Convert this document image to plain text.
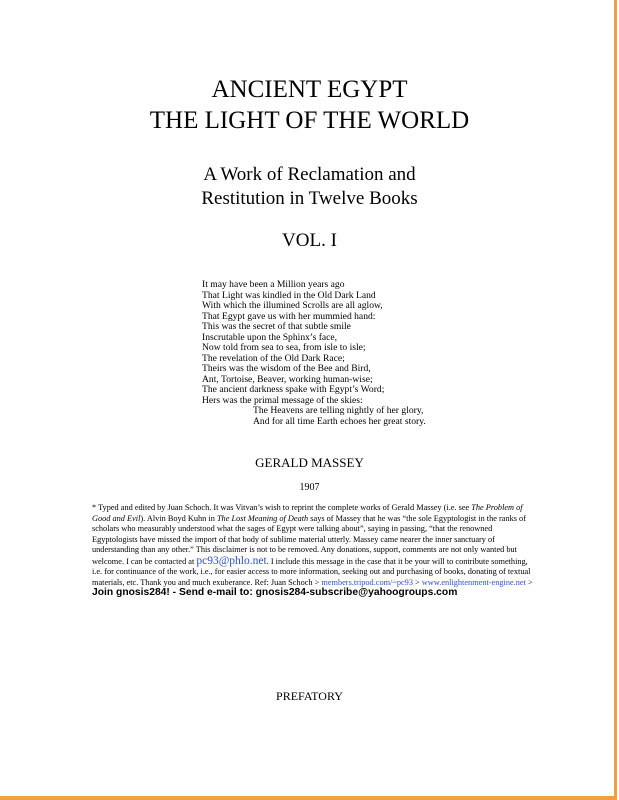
ANCIENT EGYPT
THE LIGHT OF THE WORLD
A Work of Reclamation and
Restitution in Twelve Books
VOL. I
It may have been a Million years ago
That Light was kindled in the Old Dark Land
With which the illumined Scrolls are all aglow,
That Egypt gave us with her mummied hand:
This was the secret of that subtle smile
Inscrutable upon the Sphinx’s face,
Now told from sea to sea, from isle to isle;
The revelation of the Old Dark Race;
Theirs was the wisdom of the Bee and Bird,
Ant, Tortoise, Beaver, working human-wise;
The ancient darkness spake with Egypt’s Word;
Hers was the primal message of the skies:
The Heavens are telling nightly of her glory,
And for all time Earth echoes her great story.
GERALD MASSEY
1907
* Typed and edited by Juan Schoch. It was Vitvan’s wish to reprint the complete works of Gerald Massey (i.e. see The Problem of Good and Evil). Alvin Boyd Kuhn in The Lost Meaning of Death says of Massey that he was “the sole Egyptologist in the ranks of scholars who measurably understood what the sages of Egypt were talking about”, saying in passing, “that the renowned Egyptologists have missed the import of that body of sublime material utterly. Massey came nearer the inner sanctuary of understanding than any other.” This disclaimer is not to be removed. Any donations, support, comments are not only wanted but welcome. I can be contacted at pc93@phlo.net. I include this message in the case that it be your will to contribute something, i.e. for continuance of the work, i.e., for easier access to more information, seeking out and purchasing of books, donating of textual materials, etc. Thank you and much exuberance. Ref: Juan Schoch > members.tripod.com/~pc93 > www.enlightenment-engine.net > Join gnosis284! - Send e-mail to: gnosis284-subscribe@yahoogroups.com
PREFATORY
